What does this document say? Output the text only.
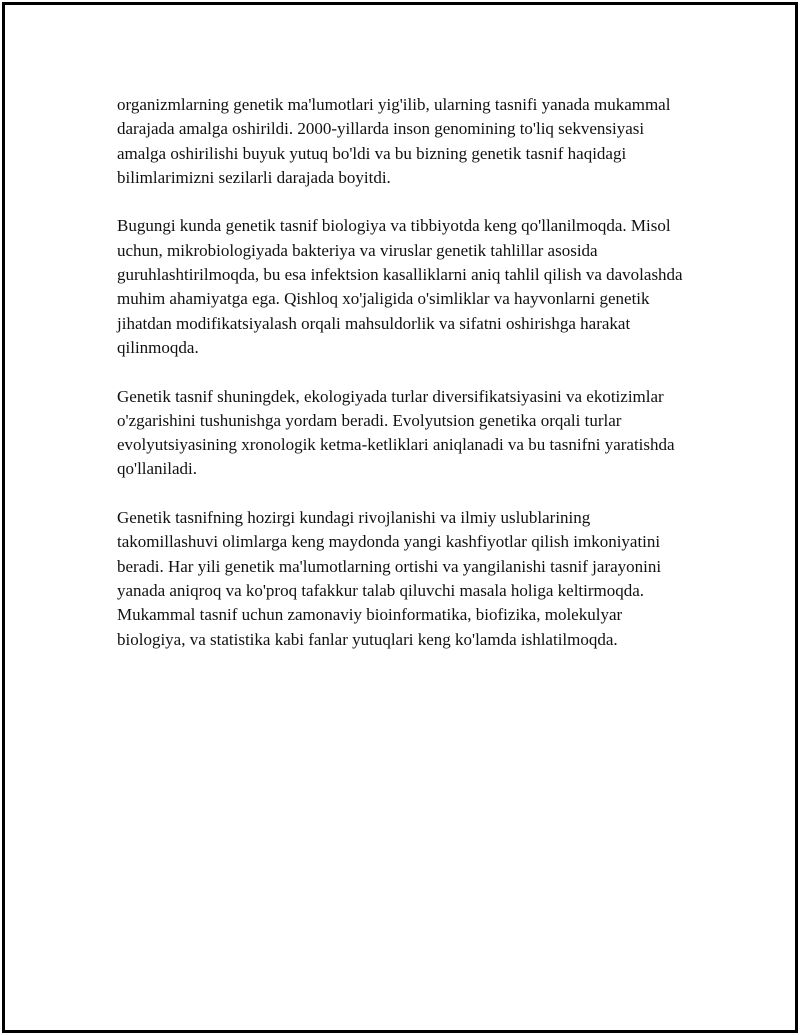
organizmlarning genetik ma'lumotlari yig'ilib, ularning tasnifi yanada mukammal darajada amalga oshirildi. 2000-yillarda inson genomining to'liq sekvensiyasi amalga oshirilishi buyuk yutuq bo'ldi va bu bizning genetik tasnif haqidagi bilimlarimizni sezilarli darajada boyitdi.

Bugungi kunda genetik tasnif biologiya va tibbiyotda keng qo'llanilmoqda. Misol uchun, mikrobiologiyada bakteriya va viruslar genetik tahlillar asosida guruhlashtirilmoqda, bu esa infektsion kasalliklarni aniq tahlil qilish va davolashda muhim ahamiyatga ega. Qishloq xo'jaligida o'simliklar va hayvonlarni genetik jihatdan modifikatsiyalash orqali mahsuldorlik va sifatni oshirishga harakat qilinmoqda.

Genetik tasnif shuningdek, ekologiyada turlar diversifikatsiyasini va ekotizimlar o'zgarishini tushunishga yordam beradi. Evolyutsion genetika orqali turlar evolyutsiyasining xronologik ketma-ketliklari aniqlanadi va bu tasnifni yaratishda qo'llaniladi.

Genetik tasnifning hozirgi kundagi rivojlanishi va ilmiy uslublarining takomillashuvi olimlarga keng maydonda yangi kashfiyotlar qilish imkoniyatini beradi. Har yili genetik ma'lumotlarning ortishi va yangilanishi tasnif jarayonini yanada aniqroq va ko'proq tafakkur talab qiluvchi masala holiga keltirmoqda. Mukammal tasnif uchun zamonaviy bioinformatika, biofizika, molekulyar biologiya, va statistika kabi fanlar yutuqlari keng ko'lamda ishlatilmoqda.
